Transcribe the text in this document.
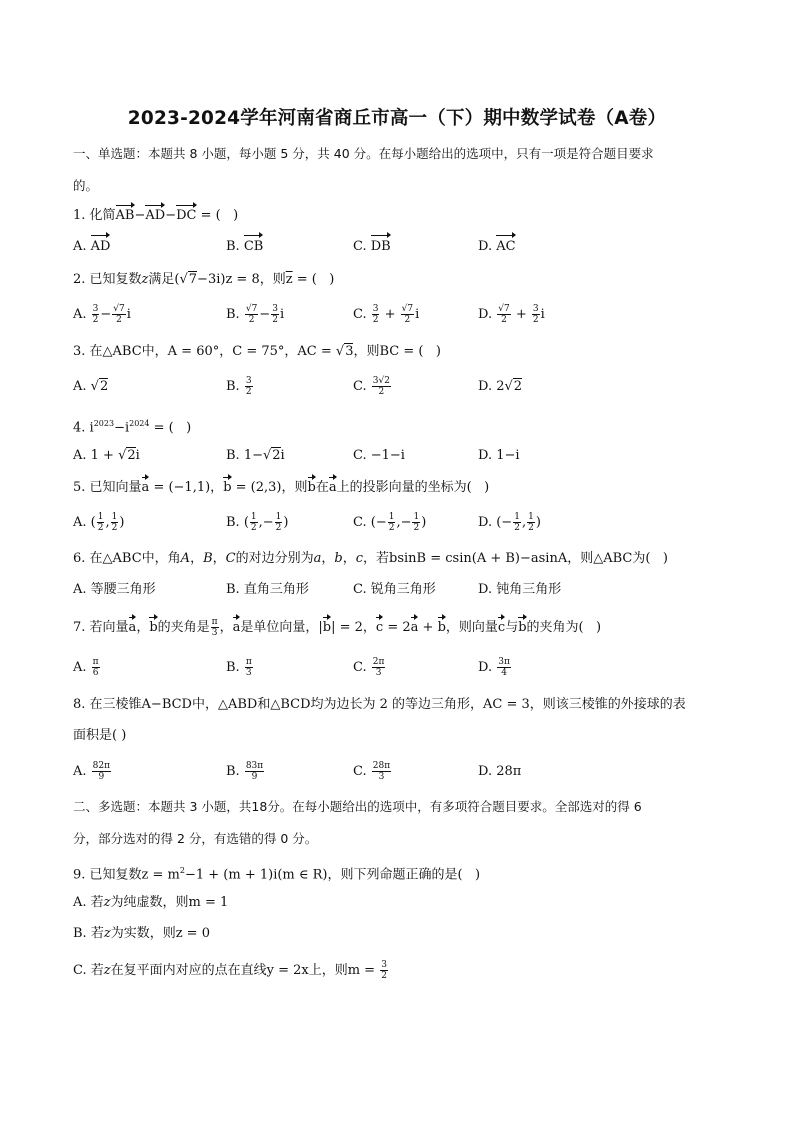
2023-2024学年河南省商丘市高一（下）期中数学试卷（A卷）
一、单选题：本题共 8 小题，每小题 5 分，共 40 分。在每小题给出的选项中，只有一项是符合题目要求
的。
1. 化简AB−AD−DC = (   )
A. AD	B. CB	C. DB	D. AC
2. 已知复数z满足(√7−3i)z = 8，则$\overline{z}$ = (   )
A. $\frac{3}{2} - \frac{√7}{2}$ i	B. $\frac{√7}{2} - \frac{3}{2}$ i	C. $\frac{3}{2} + \frac{√7}{2}$ i	D. $\frac{√7}{2} + \frac{3}{2}$ i
3. 在△ABC中，A = 60°，C = 75°，AC = √3，则BC = (   )
A. √2	B. $\frac{3}{2}$	C. $\frac{3√2}{2}$	D. 2√2
4. $i^{2023}-i^{2024}$ = (   )
A. 1 + √2i	B. 1−√2i	C. −1−i	D. 1−i
5. 已知向量a = (−1,1)，b = (2,3)，则b在a上的投影向量的坐标为(   )
A. ( $\frac{1}{2}$ , $\frac{1}{2}$ )	B. ( $\frac{1}{2}$ ,− $\frac{1}{2}$ )	C. (− $\frac{1}{2}$ ,− $\frac{1}{2}$ )	D. (− $\frac{1}{2}$ , $\frac{1}{2}$ )
6. 在△ABC中，角A，B，C的对边分别为a，b，c，若bsinB = csin(A + B)−asinA，则△ABC为(   )
A. 等腰三角形	B. 直角三角形	C. 锐角三角形	D. 钝角三角形
7. 若向量a，b的夹角是 $\frac{\pi}{3}$ ，a是单位向量，|b| = 2，c = 2a + b，则向量c与b的夹角为(   )
A. $\frac{\pi}{6}$	B. $\frac{\pi}{3}$	C. $\frac{2\pi}{3}$	D. $\frac{3\pi}{4}$
8. 在三棱锥A−BCD中，△ABD和△BCD均为边长为 2 的等边三角形，AC = 3，则该三棱锥的外接球的表
面积是( )
A. $\frac{82\pi}{9}$	B. $\frac{83\pi}{9}$	C. $\frac{28\pi}{3}$	D. 28π
二、多选题：本题共 3 小题，共18分。在每小题给出的选项中，有多项符合题目要求。全部选对的得 6
分，部分选对的得 2 分，有选错的得 0 分。
9. 已知复数$z = m^2-1 + (m + 1)i(m$ ∈ R)，则下列命题正确的是(   )
A. 若z为纯虚数，则m = 1
B. 若z为实数，则z = 0
C. 若z在复平面内对应的点在直线y = 2x上，则$m = \frac{3}{2}$
